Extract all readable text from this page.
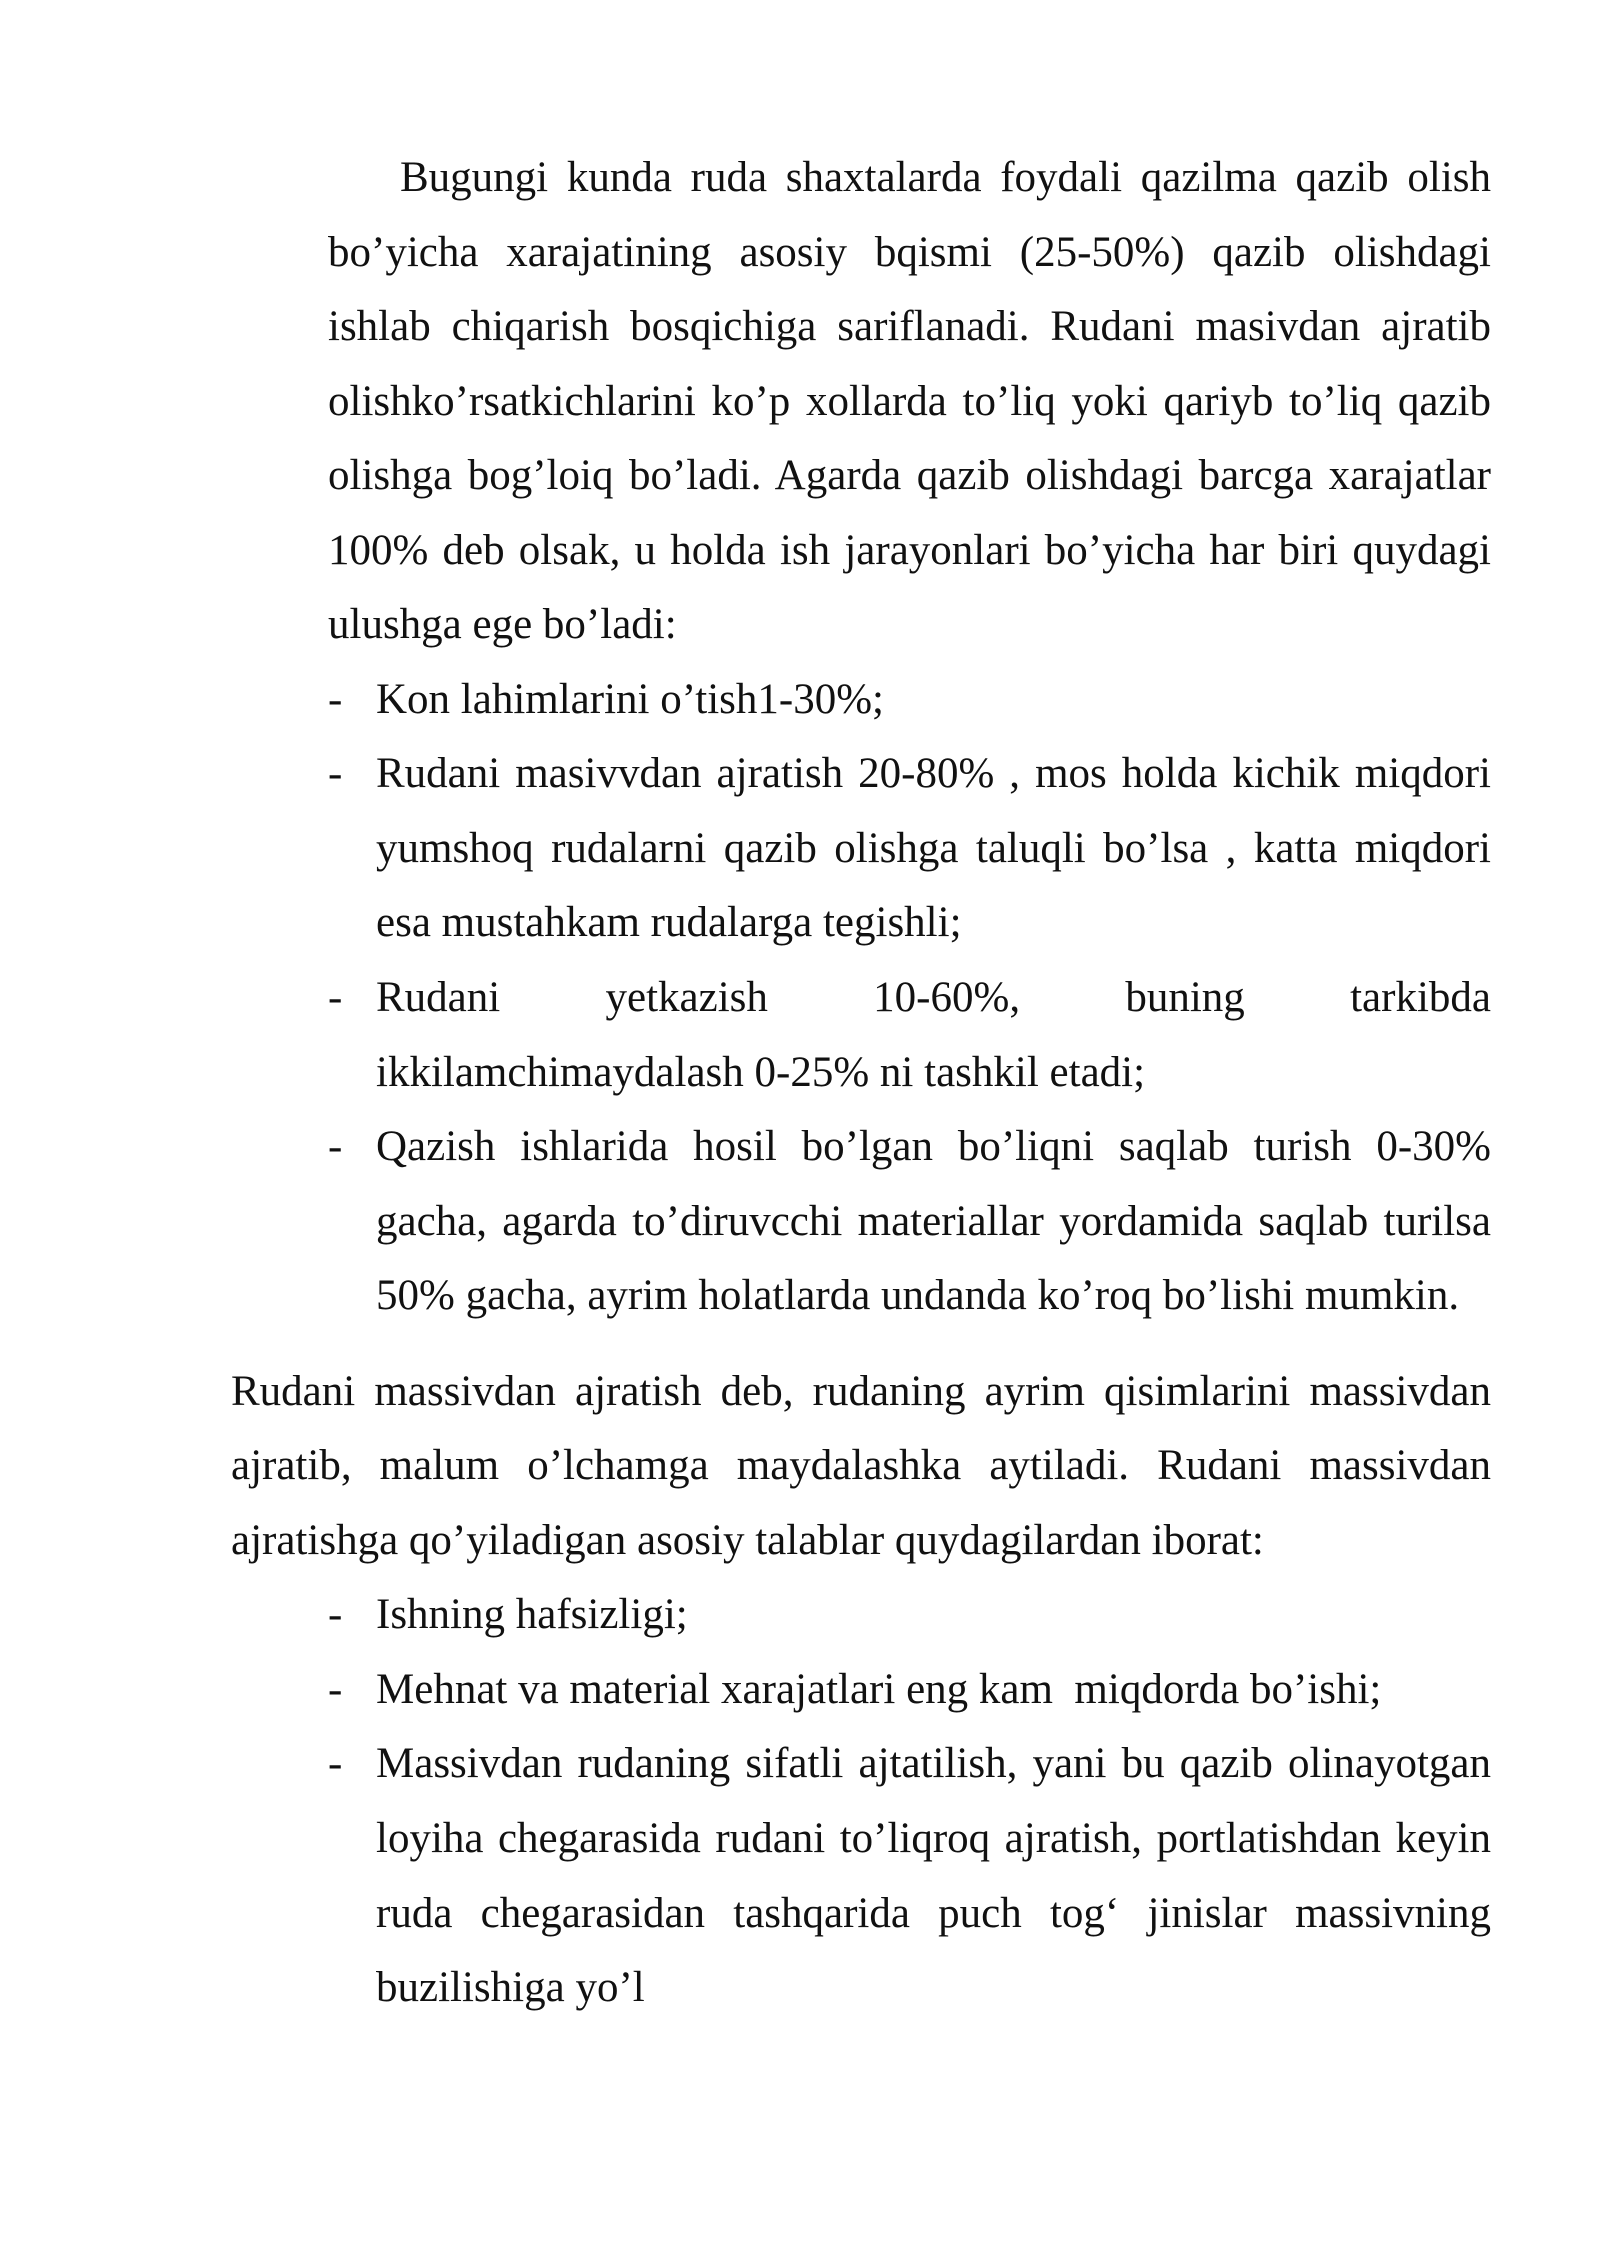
Bugungi kunda ruda shaxtalarda foydali qazilma qazib olish
bo’yicha xarajatining asosiy bqismi (25-50%) qazib olishdagi
ishlab chiqarish bosqichiga sariflanadi. Rudani masivdan ajratib
olishko’rsatkichlarini ko’p xollarda to’liq yoki qariyb to’liq qazib
olishga bog’loiq bo’ladi. Agarda qazib olishdagi barcga xarajatlar
100% deb olsak, u holda ish jarayonlari bo’yicha har biri quydagi
ulushga ege bo’ladi:
- Kon lahimlarini o’tish1-30%;
- Rudani masivvdan ajratish 20-80% , mos holda kichik miqdori
yumshoq rudalarni qazib olishga taluqli bo’lsa , katta miqdori
esa mustahkam rudalarga tegishli;
- Rudani yetkazish 10-60%, buning tarkibda
ikkilamchimaydalash 0-25% ni tashkil etadi;
- Qazish ishlarida hosil bo’lgan bo’liqni saqlab turish 0-30%
gacha, agarda to’diruvcchi materiallar yordamida saqlab turilsa
50% gacha, ayrim holatlarda undanda ko’roq bo’lishi mumkin.
Rudani massivdan ajratish deb, rudaning ayrim qisimlarini massivdan
ajratib, malum o’lchamga maydalashka aytiladi. Rudani massivdan
ajratishga qo’yiladigan asosiy talablar quydagilardan iborat:
- Ishning hafsizligi;
- Mehnat va material xarajatlari eng kam  miqdorda bo’ishi;
- Massivdan rudaning sifatli ajtatilish, yani bu qazib olinayotgan
loyiha chegarasida rudani to’liqroq ajratish, portlatishdan keyin
ruda chegarasidan tashqarida puch tog‘ jinislar massivning
buzilishiga yo’l
